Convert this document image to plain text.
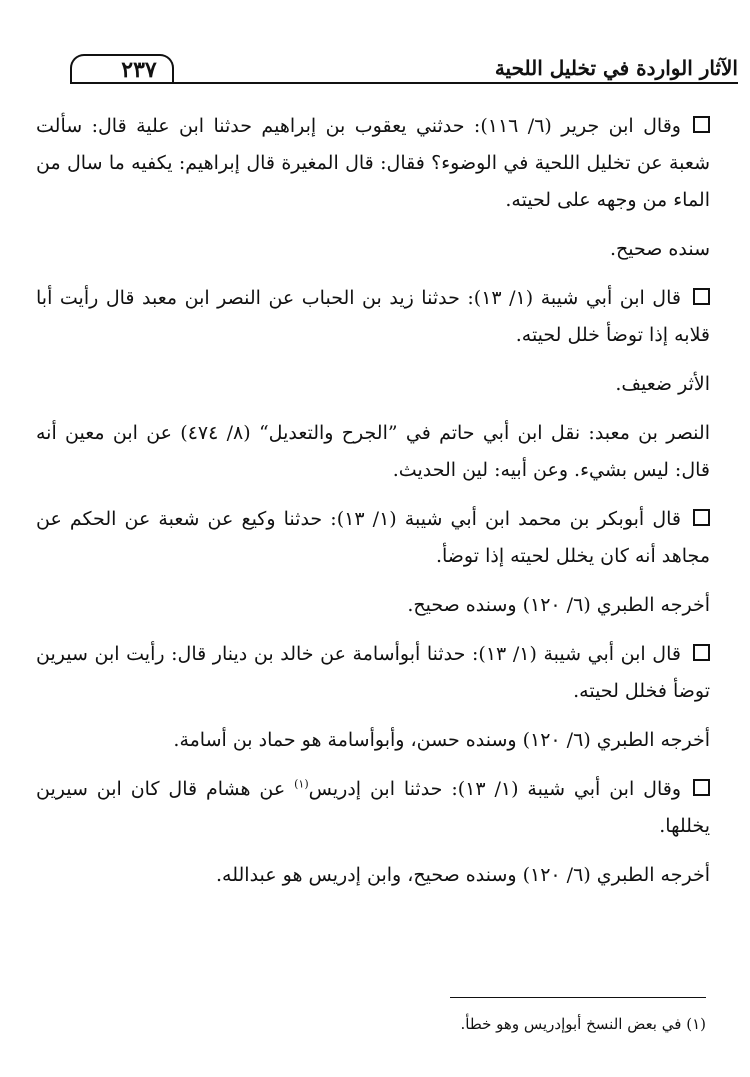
٢٣٧	الآثار الواردة في تخليل اللحية

وقال ابن جرير (٦/ ١١٦): حدثني يعقوب بن إبراهيم حدثنا ابن علية قال: سألت شعبة عن تخليل اللحية في الوضوء؟ فقال: قال المغيرة قال إبراهيم: يكفيه ما سال من الماء من وجهه على لحيته.

سنده صحيح.

قال ابن أبي شيبة (١/ ١٣): حدثنا زيد بن الحباب عن النصر ابن معبد قال رأيت أبا قلابه إذا توضأ خلل لحيته.

الأثر ضعيف.

النصر بن معبد: نقل ابن أبي حاتم في ”الجرح والتعديل“ (٨/ ٤٧٤) عن ابن معين أنه قال: ليس بشيء. وعن أبيه: لين الحديث.

قال أبوبكر بن محمد ابن أبي شيبة (١/ ١٣): حدثنا وكيع عن شعبة عن الحكم عن مجاهد أنه كان يخلل لحيته إذا توضأ.

أخرجه الطبري (٦/ ١٢٠) وسنده صحيح.

قال ابن أبي شيبة (١/ ١٣): حدثنا أبوأسامة عن خالد بن دينار قال: رأيت ابن سيرين توضأ فخلل لحيته.

أخرجه الطبري (٦/ ١٢٠) وسنده حسن، وأبوأسامة هو حماد بن أسامة.

وقال ابن أبي شيبة (١/ ١٣): حدثنا ابن إدريس$^{(١)}$ عن هشام قال كان ابن سيرين يخللها.

أخرجه الطبري (٦/ ١٢٠) وسنده صحيح، وابن إدريس هو عبدالله.

(١) في بعض النسخ أبوإدريس وهو خطأ.
